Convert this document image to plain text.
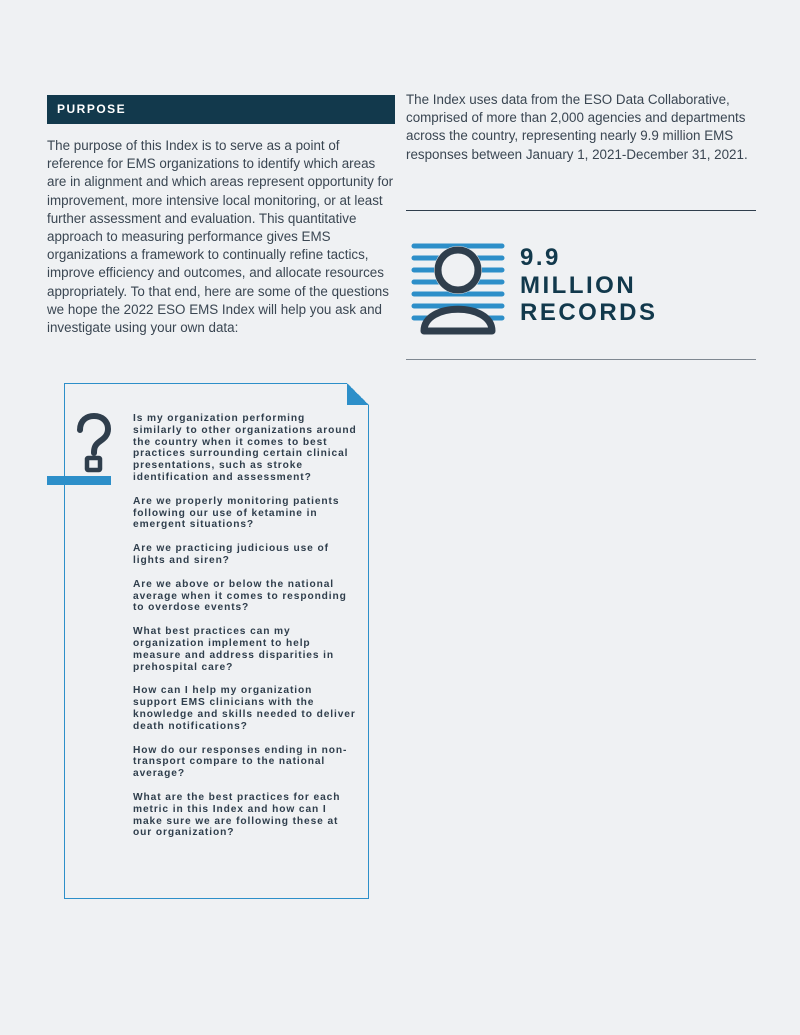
PURPOSE

The purpose of this Index is to serve as a point of reference for EMS organizations to identify which areas are in alignment and which areas represent opportunity for improvement, more intensive local monitoring, or at least further assessment and evaluation. This quantitative approach to measuring performance gives EMS organizations a framework to continually refine tactics, improve efficiency and outcomes, and allocate resources appropriately. To that end, here are some of the questions we hope the 2022 ESO EMS Index will help you ask and investigate using your own data:

The Index uses data from the ESO Data Collaborative, comprised of more than 2,000 agencies and departments across the country, representing nearly 9.9 million EMS responses between January 1, 2021-December 31, 2021.

9.9
MILLION
RECORDS
Is my organization performing similarly to other organizations around the country when it comes to best practices surrounding certain clinical presentations, such as stroke identification and assessment?
Are we properly monitoring patients following our use of ketamine in emergent situations?
Are we practicing judicious use of lights and siren?
Are we above or below the national average when it comes to responding to overdose events?
What best practices can my organization implement to help measure and address disparities in prehospital care?
How can I help my organization support EMS clinicians with the knowledge and skills needed to deliver death notifications?
How do our responses ending in non-transport compare to the national average?
What are the best practices for each metric in this Index and how can I make sure we are following these at our organization?
